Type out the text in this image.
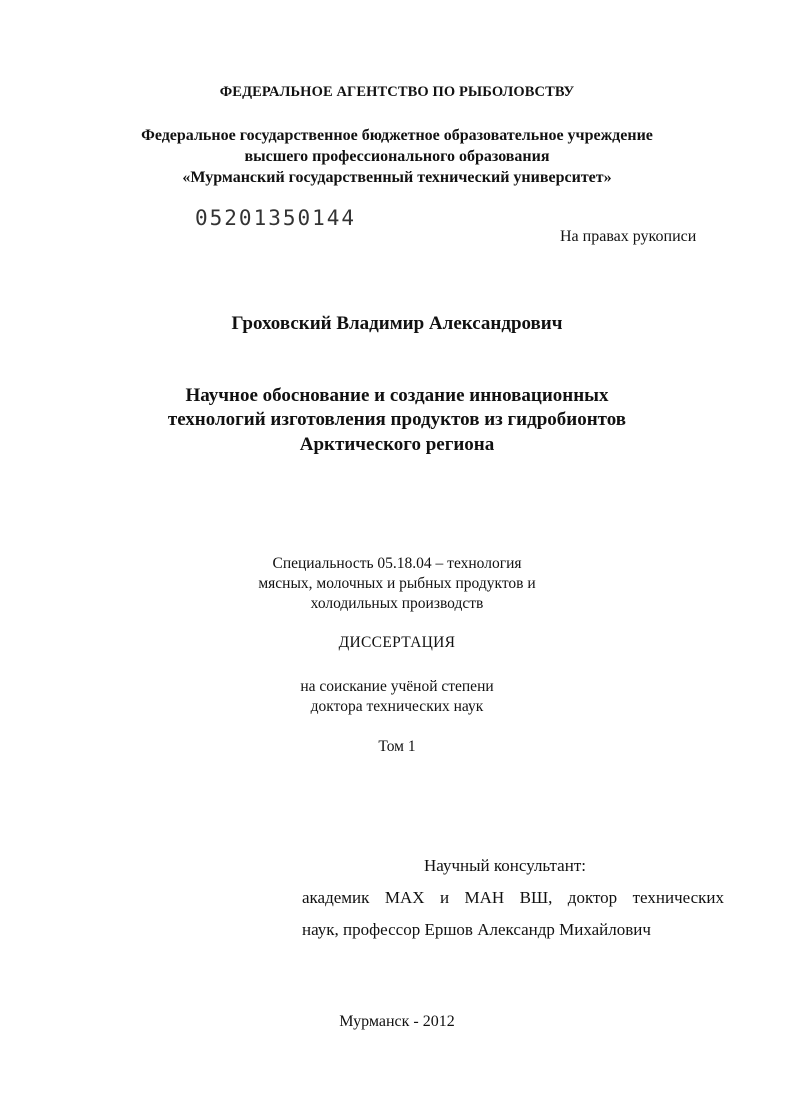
ФЕДЕРАЛЬНОЕ АГЕНТСТВО ПО РЫБОЛОВСТВУ
Федеральное государственное бюджетное образовательное учреждение
высшего профессионального образования
«Мурманский государственный технический университет»
05201350144
На правах рукописи
Гроховский Владимир Александрович
Научное обоснование и создание инновационных
технологий изготовления продуктов из гидробионтов
Арктического региона
Специальность 05.18.04 – технология
мясных, молочных и рыбных продуктов и
холодильных производств
ДИССЕРТАЦИЯ
на соискание учёной степени
доктора технических наук
Том 1
Научный консультант:
академик МАХ и МАН ВШ, доктор технических
наук, профессор Ершов Александр Михайлович
Мурманск - 2012
